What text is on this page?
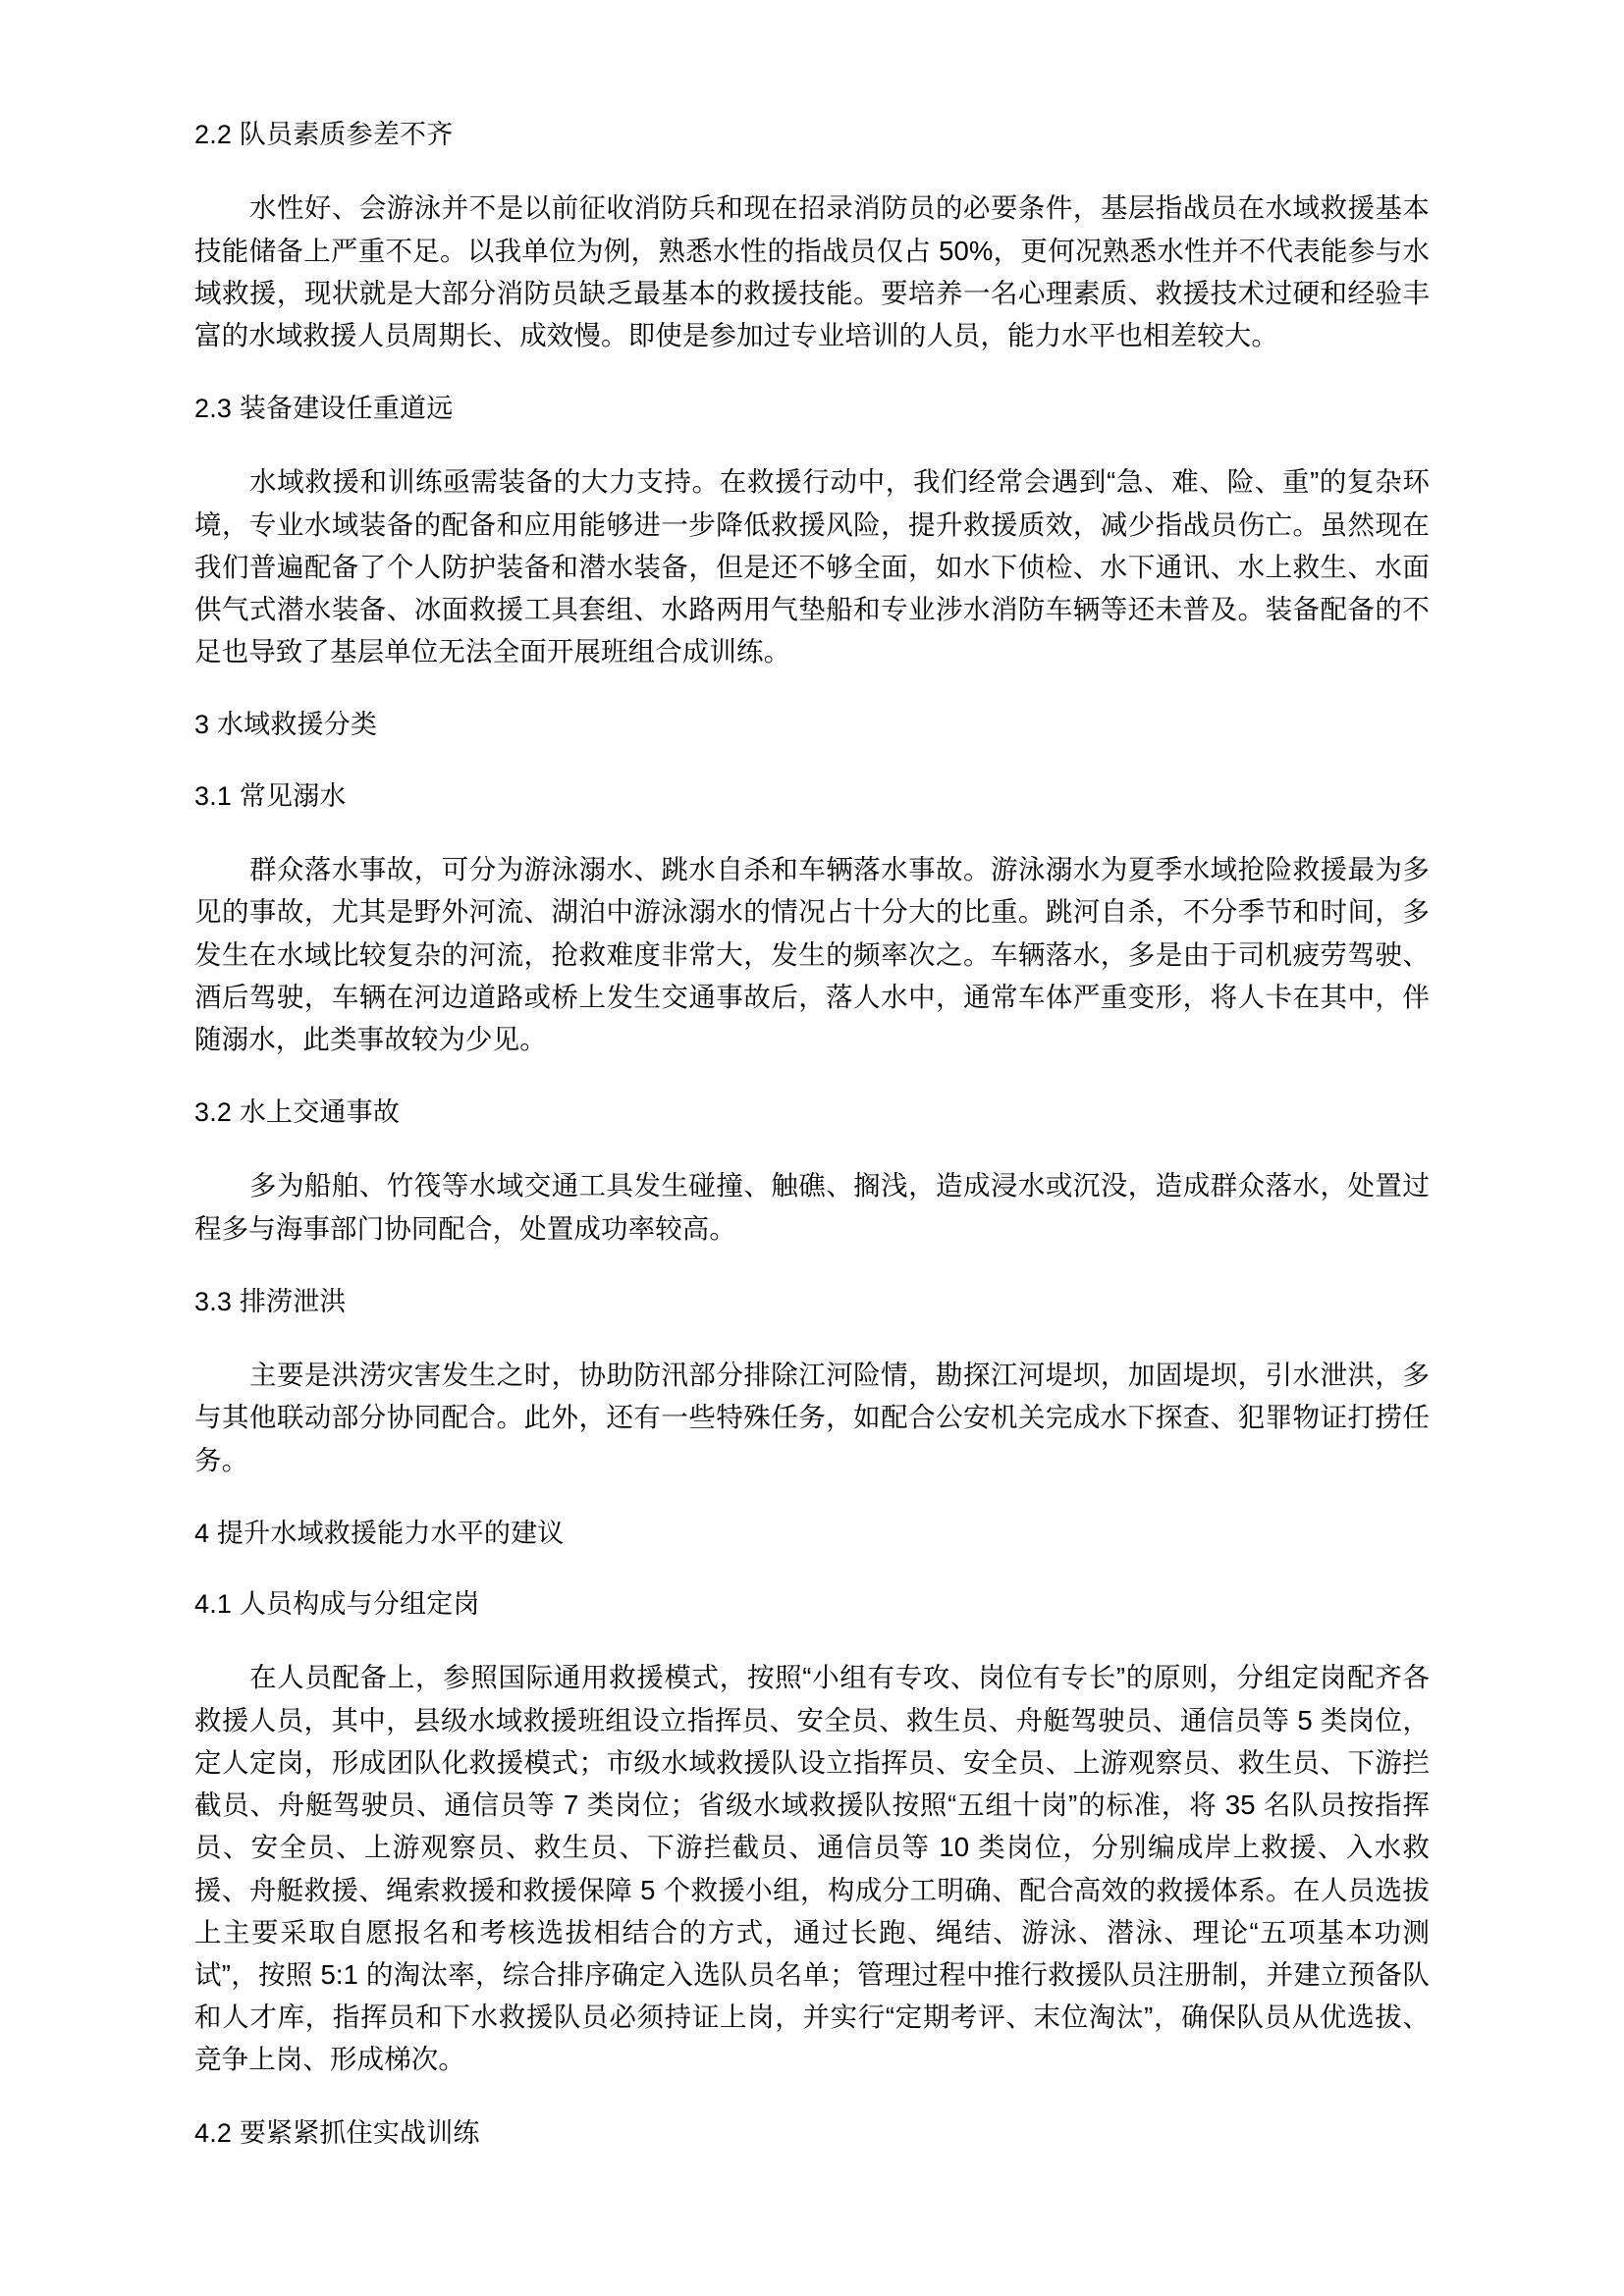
2.2 队员素质参差不齐

水性好、会游泳并不是以前征收消防兵和现在招录消防员的必要条件，基层指战员在水域救援基本技能储备上严重不足。以我单位为例，熟悉水性的指战员仅占 50%，更何况熟悉水性并不代表能参与水域救援，现状就是大部分消防员缺乏最基本的救援技能。要培养一名心理素质、救援技术过硬和经验丰富的水域救援人员周期长、成效慢。即使是参加过专业培训的人员，能力水平也相差较大。

2.3 装备建设任重道远

水域救援和训练亟需装备的大力支持。在救援行动中，我们经常会遇到“急、难、险、重”的复杂环境，专业水域装备的配备和应用能够进一步降低救援风险，提升救援质效，减少指战员伤亡。虽然现在我们普遍配备了个人防护装备和潜水装备，但是还不够全面，如水下侦检、水下通讯、水上救生、水面供气式潜水装备、冰面救援工具套组、水路两用气垫船和专业涉水消防车辆等还未普及。装备配备的不足也导致了基层单位无法全面开展班组合成训练。

3 水域救援分类
3.1 常见溺水

群众落水事故，可分为游泳溺水、跳水自杀和车辆落水事故。游泳溺水为夏季水域抢险救援最为多见的事故，尤其是野外河流、湖泊中游泳溺水的情况占十分大的比重。跳河自杀，不分季节和时间，多发生在水域比较复杂的河流，抢救难度非常大，发生的频率次之。车辆落水，多是由于司机疲劳驾驶、酒后驾驶，车辆在河边道路或桥上发生交通事故后，落人水中，通常车体严重变形，将人卡在其中，伴随溺水，此类事故较为少见。

3.2 水上交通事故

多为船舶、竹筏等水域交通工具发生碰撞、触礁、搁浅，造成浸水或沉没，造成群众落水，处置过程多与海事部门协同配合，处置成功率较高。

3.3 排涝泄洪

主要是洪涝灾害发生之时，协助防汛部分排除江河险情，勘探江河堤坝，加固堤坝，引水泄洪，多与其他联动部分协同配合。此外，还有一些特殊任务，如配合公安机关完成水下探查、犯罪物证打捞任务。

4 提升水域救援能力水平的建议
4.1 人员构成与分组定岗

在人员配备上，参照国际通用救援模式，按照“小组有专攻、岗位有专长”的原则，分组定岗配齐各救援人员，其中，县级水域救援班组设立指挥员、安全员、救生员、舟艇驾驶员、通信员等 5 类岗位，定人定岗，形成团队化救援模式；市级水域救援队设立指挥员、安全员、上游观察员、救生员、下游拦截员、舟艇驾驶员、通信员等 7 类岗位；省级水域救援队按照“五组十岗”的标准，将 35 名队员按指挥员、安全员、上游观察员、救生员、下游拦截员、通信员等 10 类岗位，分别编成岸上救援、入水救援、舟艇救援、绳索救援和救援保障 5 个救援小组，构成分工明确、配合高效的救援体系。在人员选拔上主要采取自愿报名和考核选拔相结合的方式，通过长跑、绳结、游泳、潜泳、理论“五项基本功测试”，按照 5:1 的淘汰率，综合排序确定入选队员名单；管理过程中推行救援队员注册制，并建立预备队和人才库，指挥员和下水救援队员必须持证上岗，并实行“定期考评、末位淘汰”，确保队员从优选拔、竞争上岗、形成梯次。

4.2 要紧紧抓住实战训练
